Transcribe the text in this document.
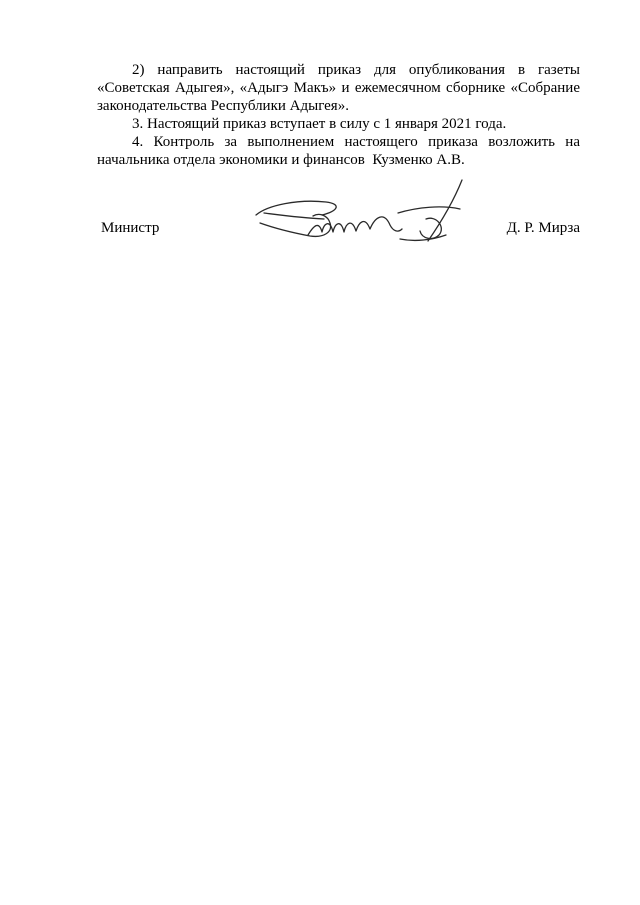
2) направить настоящий приказ для опубликования в газеты
«Советская Адыгея», «Адыгэ Макъ» и ежемесячном сборнике «Собрание
законодательства Республики Адыгея».
3. Настоящий приказ вступает в силу с 1 января 2021 года.
4. Контроль за выполнением настоящего приказа возложить на
начальника отдела экономики и финансов  Кузменко А.В.
Министр	Д. Р. Мирза
